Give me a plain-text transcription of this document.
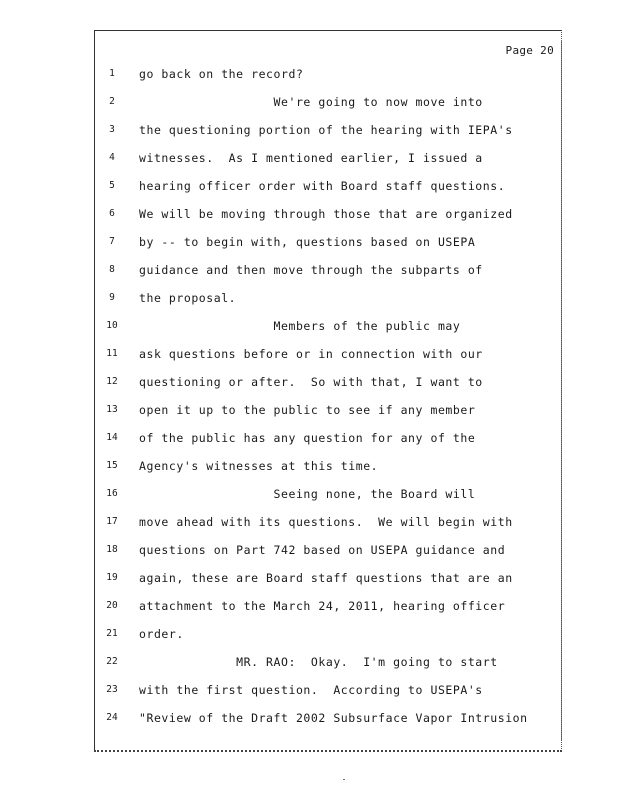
Page 20
1	go back on the record?
2	We're going to now move into
3	the questioning portion of the hearing with IEPA's
4	witnesses.  As I mentioned earlier, I issued a
5	hearing officer order with Board staff questions.
6	We will be moving through those that are organized
7	by -- to begin with, questions based on USEPA
8	guidance and then move through the subparts of
9	the proposal.
10	Members of the public may
11	ask questions before or in connection with our
12	questioning or after.  So with that, I want to
13	open it up to the public to see if any member
14	of the public has any question for any of the
15	Agency's witnesses at this time.
16	Seeing none, the Board will
17	move ahead with its questions.  We will begin with
18	questions on Part 742 based on USEPA guidance and
19	again, these are Board staff questions that are an
20	attachment to the March 24, 2011, hearing officer
21	order.
22	MR. RAO:  Okay.  I'm going to start
23	with the first question.  According to USEPA's
24	"Review of the Draft 2002 Subsurface Vapor Intrusion
